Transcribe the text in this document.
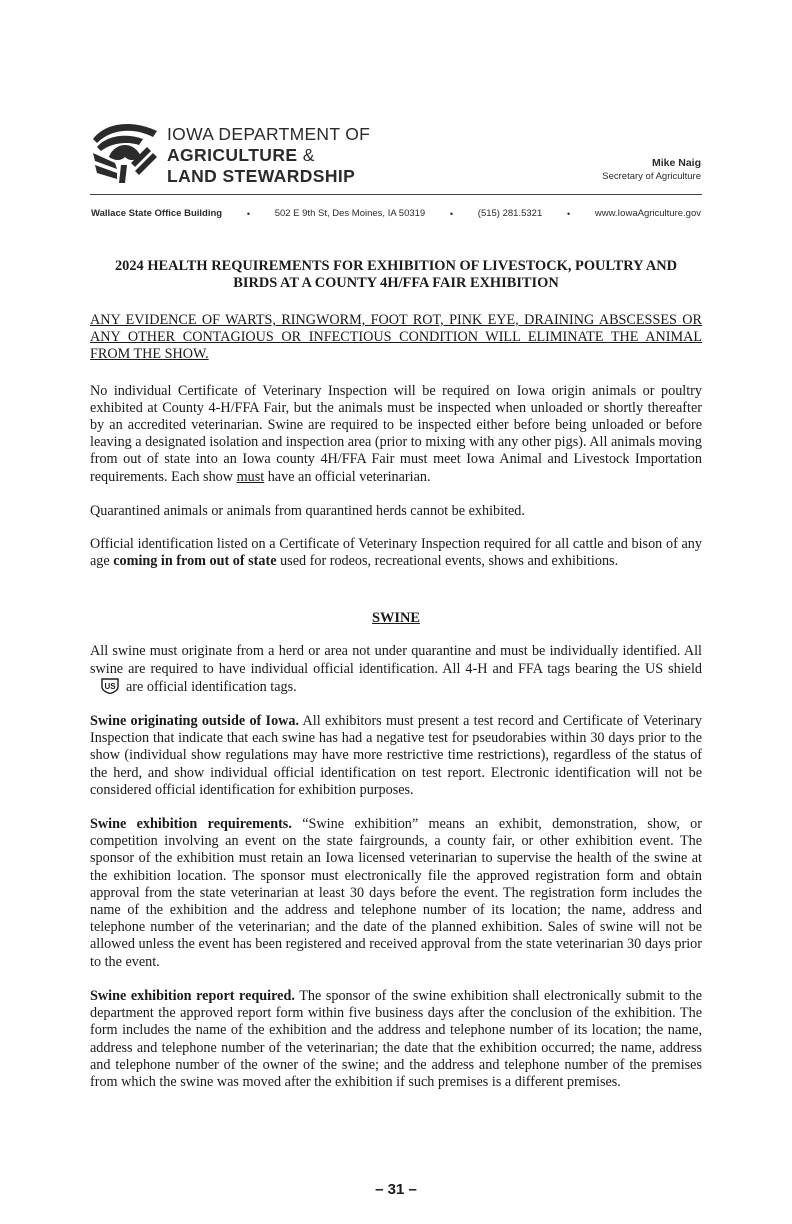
IOWA DEPARTMENT OF
AGRICULTURE &
LAND STEWARDSHIP
Mike Naig
Secretary of Agriculture
Wallace State Office Building	•	502 E 9th St, Des Moines, IA 50319	•	(515) 281.5321	•	www.IowaAgriculture.gov
2024 HEALTH REQUIREMENTS FOR EXHIBITION OF LIVESTOCK, POULTRY AND BIRDS AT A COUNTY 4H/FFA FAIR EXHIBITION

ANY EVIDENCE OF WARTS, RINGWORM, FOOT ROT, PINK EYE, DRAINING ABSCESSES OR ANY OTHER CONTAGIOUS OR INFECTIOUS CONDITION WILL ELIMINATE THE ANIMAL FROM THE SHOW.

No individual Certificate of Veterinary Inspection will be required on Iowa origin animals or poultry exhibited at County 4-H/FFA Fair, but the animals must be inspected when unloaded or shortly thereafter by an accredited veterinarian. Swine are required to be inspected either before being unloaded or before leaving a designated isolation and inspection area (prior to mixing with any other pigs). All animals moving from out of state into an Iowa county 4H/FFA Fair must meet Iowa Animal and Livestock Importation requirements. Each show must have an official veterinarian.

Quarantined animals or animals from quarantined herds cannot be exhibited.

Official identification listed on a Certificate of Veterinary Inspection required for all cattle and bison of any age coming in from out of state used for rodeos, recreational events, shows and exhibitions.

SWINE

All swine must originate from a herd or area not under quarantine and must be individually identified. All swine are required to have individual official identification. All 4-H and FFA tags bearing the US shield
US are official identification tags.

Swine originating outside of Iowa. All exhibitors must present a test record and Certificate of Veterinary Inspection that indicate that each swine has had a negative test for pseudorabies within 30 days prior to the show (individual show regulations may have more restrictive time restrictions), regardless of the status of the herd, and show individual official identification on test report. Electronic identification will not be considered official identification for exhibition purposes.

Swine exhibition requirements. “Swine exhibition” means an exhibit, demonstration, show, or competition involving an event on the state fairgrounds, a county fair, or other exhibition event. The sponsor of the exhibition must retain an Iowa licensed veterinarian to supervise the health of the swine at the exhibition location. The sponsor must electronically file the approved registration form and obtain approval from the state veterinarian at least 30 days before the event. The registration form includes the name of the exhibition and the address and telephone number of its location; the name, address and telephone number of the veterinarian; and the date of the planned exhibition. Sales of swine will not be allowed unless the event has been registered and received approval from the state veterinarian 30 days prior to the event.

Swine exhibition report required. The sponsor of the swine exhibition shall electronically submit to the department the approved report form within five business days after the conclusion of the exhibition. The form includes the name of the exhibition and the address and telephone number of its location; the name, address and telephone number of the veterinarian; the date that the exhibition occurred; the name, address and telephone number of the owner of the swine; and the address and telephone number of the premises from which the swine was moved after the exhibition if such premises is a different premises.

– 31 –
